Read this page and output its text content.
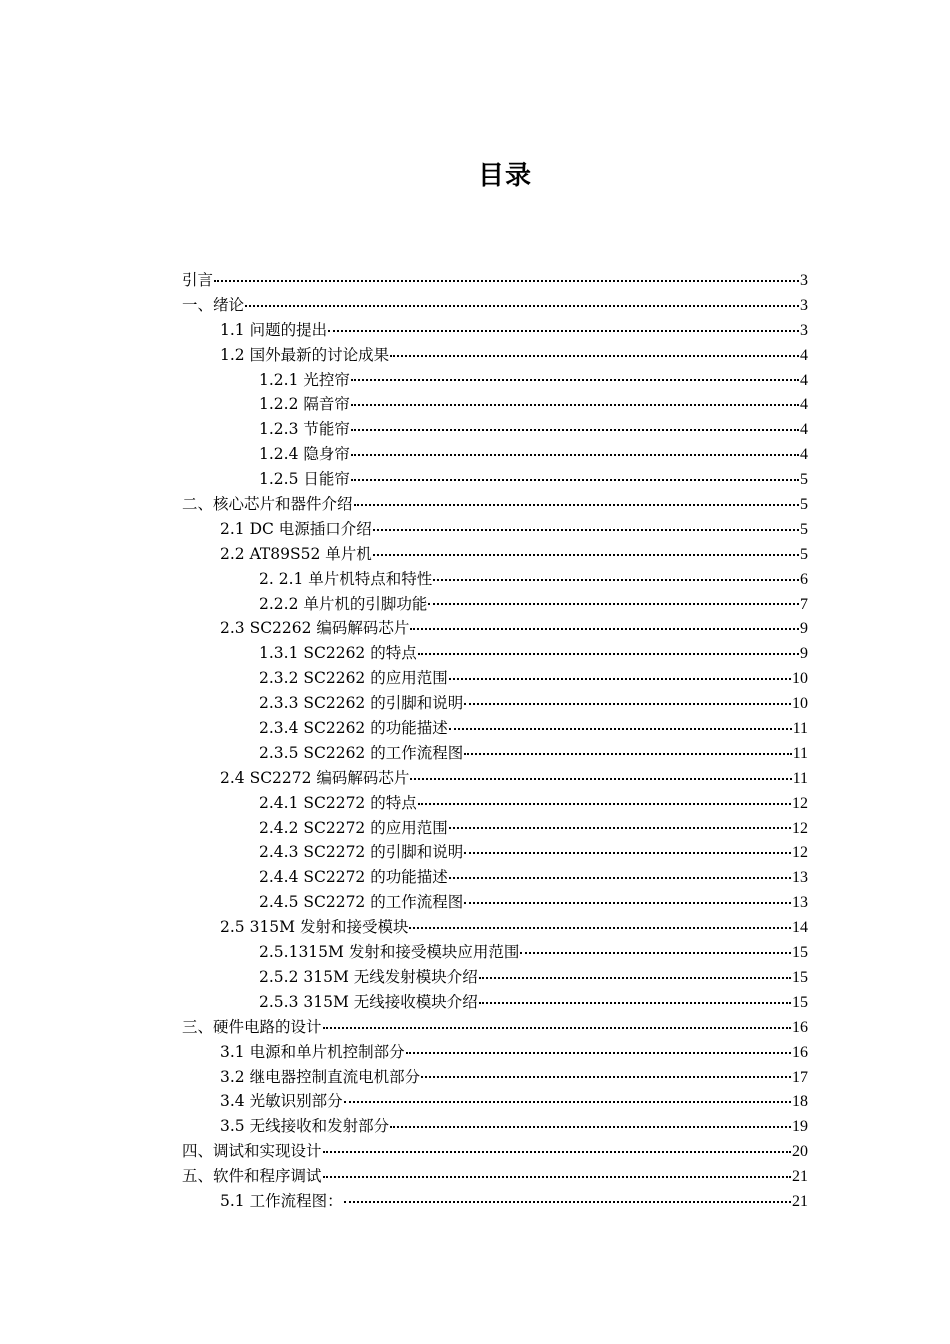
目录
引言	3
一、绪论	3
1.1 问题的提出	3
1.2 国外最新的讨论成果	4
1.2.1 光控帘	4
1.2.2 隔音帘	4
1.2.3 节能帘	4
1.2.4 隐身帘	4
1.2.5 日能帘	5
二、核心芯片和器件介绍	5
2.1 DC 电源插口介绍	5
2.2 AT89S52 单片机	5
2. 2.1 单片机特点和特性	6
2.2.2 单片机的引脚功能	7
2.3 SC2262 编码解码芯片	9
1.3.1 SC2262 的特点	9
2.3.2 SC2262 的应用范围	10
2.3.3 SC2262 的引脚和说明	10
2.3.4 SC2262 的功能描述	11
2.3.5 SC2262 的工作流程图	11
2.4 SC2272 编码解码芯片	11
2.4.1 SC2272 的特点	12
2.4.2 SC2272 的应用范围	12
2.4.3 SC2272 的引脚和说明	12
2.4.4 SC2272 的功能描述	13
2.4.5 SC2272 的工作流程图	13
2.5 315M 发射和接受模块	14
2.5.1315M 发射和接受模块应用范围	15
2.5.2 315M 无线发射模块介绍	15
2.5.3 315M 无线接收模块介绍	15
三、硬件电路的设计	16
3.1 电源和单片机控制部分	16
3.2 继电器控制直流电机部分	17
3.4 光敏识别部分	18
3.5 无线接收和发射部分	19
四、调试和实现设计	20
五、软件和程序调试	21
5.1 工作流程图：	21
